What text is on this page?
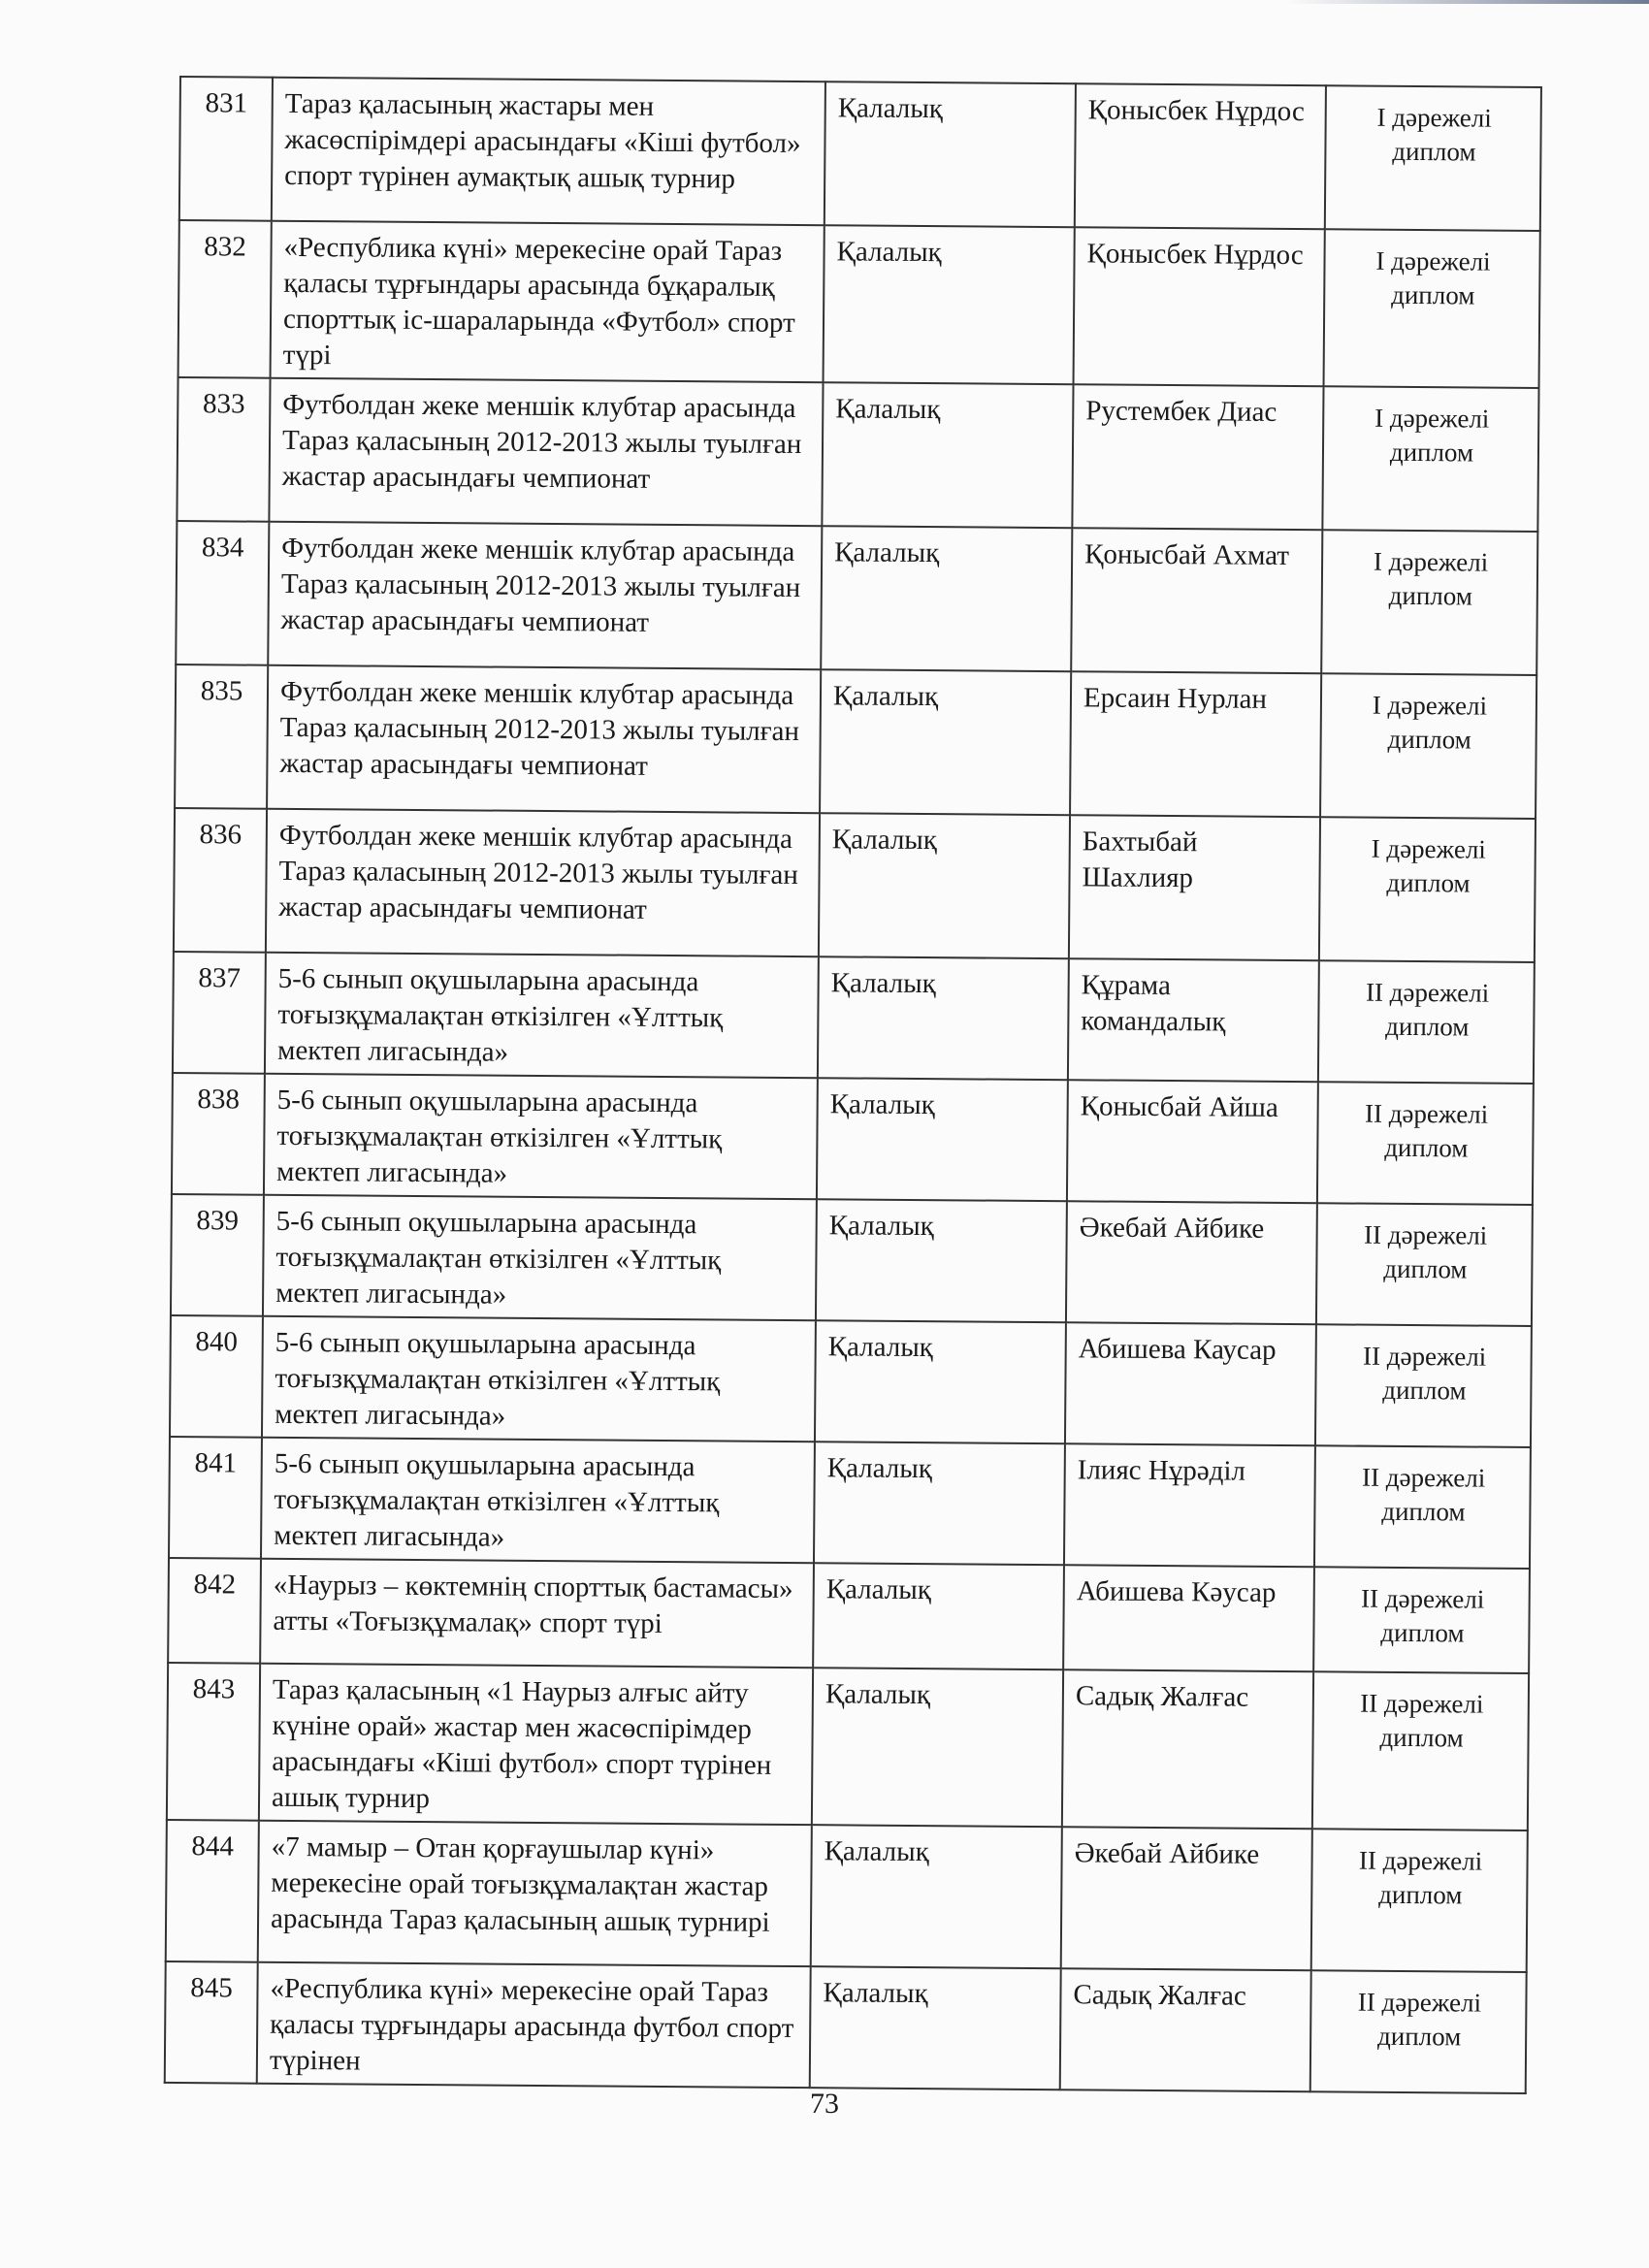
831	Тараз қаласының жастары мен жасөспірімдері арасындағы «Кіші футбол» спорт түрінен аумақтық ашық турнир	Қалалық	Қонысбек Нұрдос	І дәрежелі диплом
832	«Республика күні» мерекесіне орай Тараз қаласы тұрғындары арасында бұқаралық спорттық іс-шараларында «Футбол» спорт түрі	Қалалық	Қонысбек Нұрдос	І дәрежелі диплом
833	Футболдан жеке меншік клубтар арасында Тараз қаласының 2012-2013 жылы туылған жастар арасындағы чемпионат	Қалалық	Рустембек Диас	І дәрежелі диплом
834	Футболдан жеке меншік клубтар арасында Тараз қаласының 2012-2013 жылы туылған жастар арасындағы чемпионат	Қалалық	Қонысбай Ахмат	І дәрежелі диплом
835	Футболдан жеке меншік клубтар арасында Тараз қаласының 2012-2013 жылы туылған жастар арасындағы чемпионат	Қалалық	Ерсаин Нурлан	І дәрежелі диплом
836	Футболдан жеке меншік клубтар арасында Тараз қаласының 2012-2013 жылы туылған жастар арасындағы чемпионат	Қалалық	Бахтыбай Шахлияр	І дәрежелі диплом
837	5-6 сынып оқушыларына арасында тоғызқұмалақтан өткізілген «Ұлттық мектеп лигасында»	Қалалық	Құрама командалық	ІІ дәрежелі диплом
838	5-6 сынып оқушыларына арасында тоғызқұмалақтан өткізілген «Ұлттық мектеп лигасында»	Қалалық	Қонысбай Айша	ІІ дәрежелі диплом
839	5-6 сынып оқушыларына арасында тоғызқұмалақтан өткізілген «Ұлттық мектеп лигасында»	Қалалық	Әкебай Айбике	ІІ дәрежелі диплом
840	5-6 сынып оқушыларына арасында тоғызқұмалақтан өткізілген «Ұлттық мектеп лигасында»	Қалалық	Абишева Каусар	ІІ дәрежелі диплом
841	5-6 сынып оқушыларына арасында тоғызқұмалақтан өткізілген «Ұлттық мектеп лигасында»	Қалалық	Ілияс Нұрәділ	ІІ дәрежелі диплом
842	«Наурыз – көктемнің спорттық бастамасы» атты «Тоғызқұмалақ» спорт түрі	Қалалық	Абишева Кәусар	ІІ дәрежелі диплом
843	Тараз қаласының «1 Наурыз алғыс айту күніне орай» жастар мен жасөспірімдер арасындағы «Кіші футбол» спорт түрінен ашық турнир	Қалалық	Садық Жалғас	ІІ дәрежелі диплом
844	«7 мамыр – Отан қорғаушылар күні» мерекесіне орай тоғызқұмалақтан жастар арасында Тараз қаласының ашық турнирі	Қалалық	Әкебай Айбике	ІІ дәрежелі диплом
845	«Республика күні» мерекесіне орай Тараз қаласы тұрғындары арасында футбол спорт түрінен	Қалалық	Садық Жалғас	ІІ дәрежелі диплом
73
